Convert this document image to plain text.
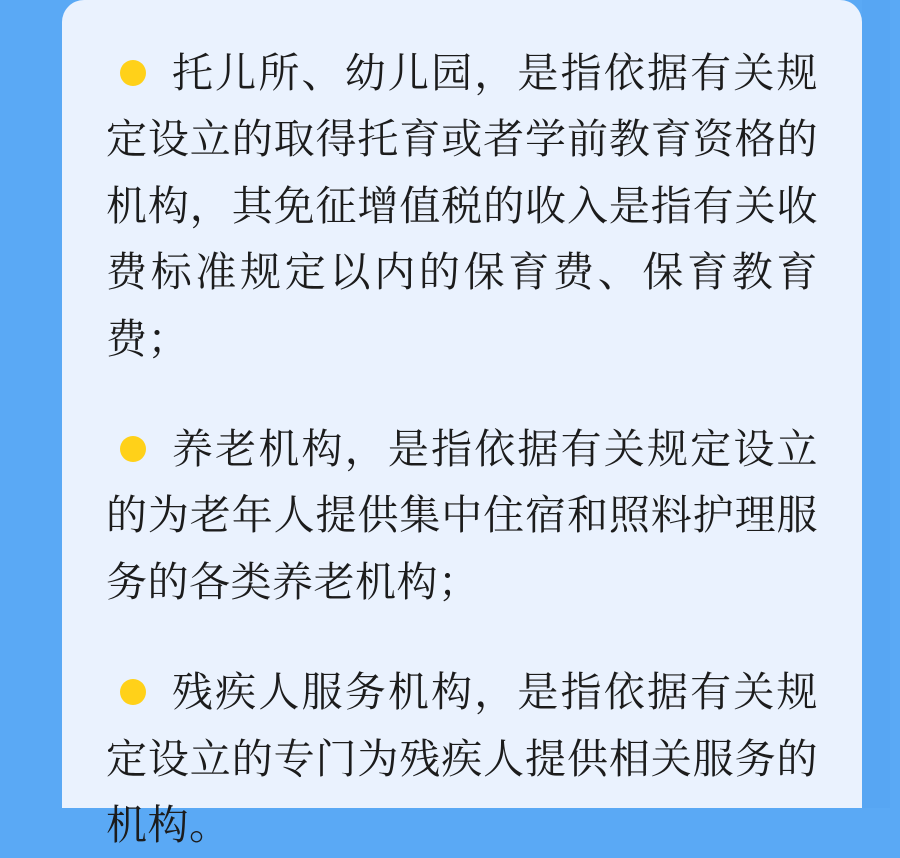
托儿所、幼儿园，是指依据有关规定设立的取得托育或者学前教育资格的机构，其免征增值税的收入是指有关收费标准规定以内的保育费、保育教育费；

养老机构，是指依据有关规定设立的为老年人提供集中住宿和照料护理服务的各类养老机构；

残疾人服务机构，是指依据有关规定设立的专门为残疾人提供相关服务的机构。
